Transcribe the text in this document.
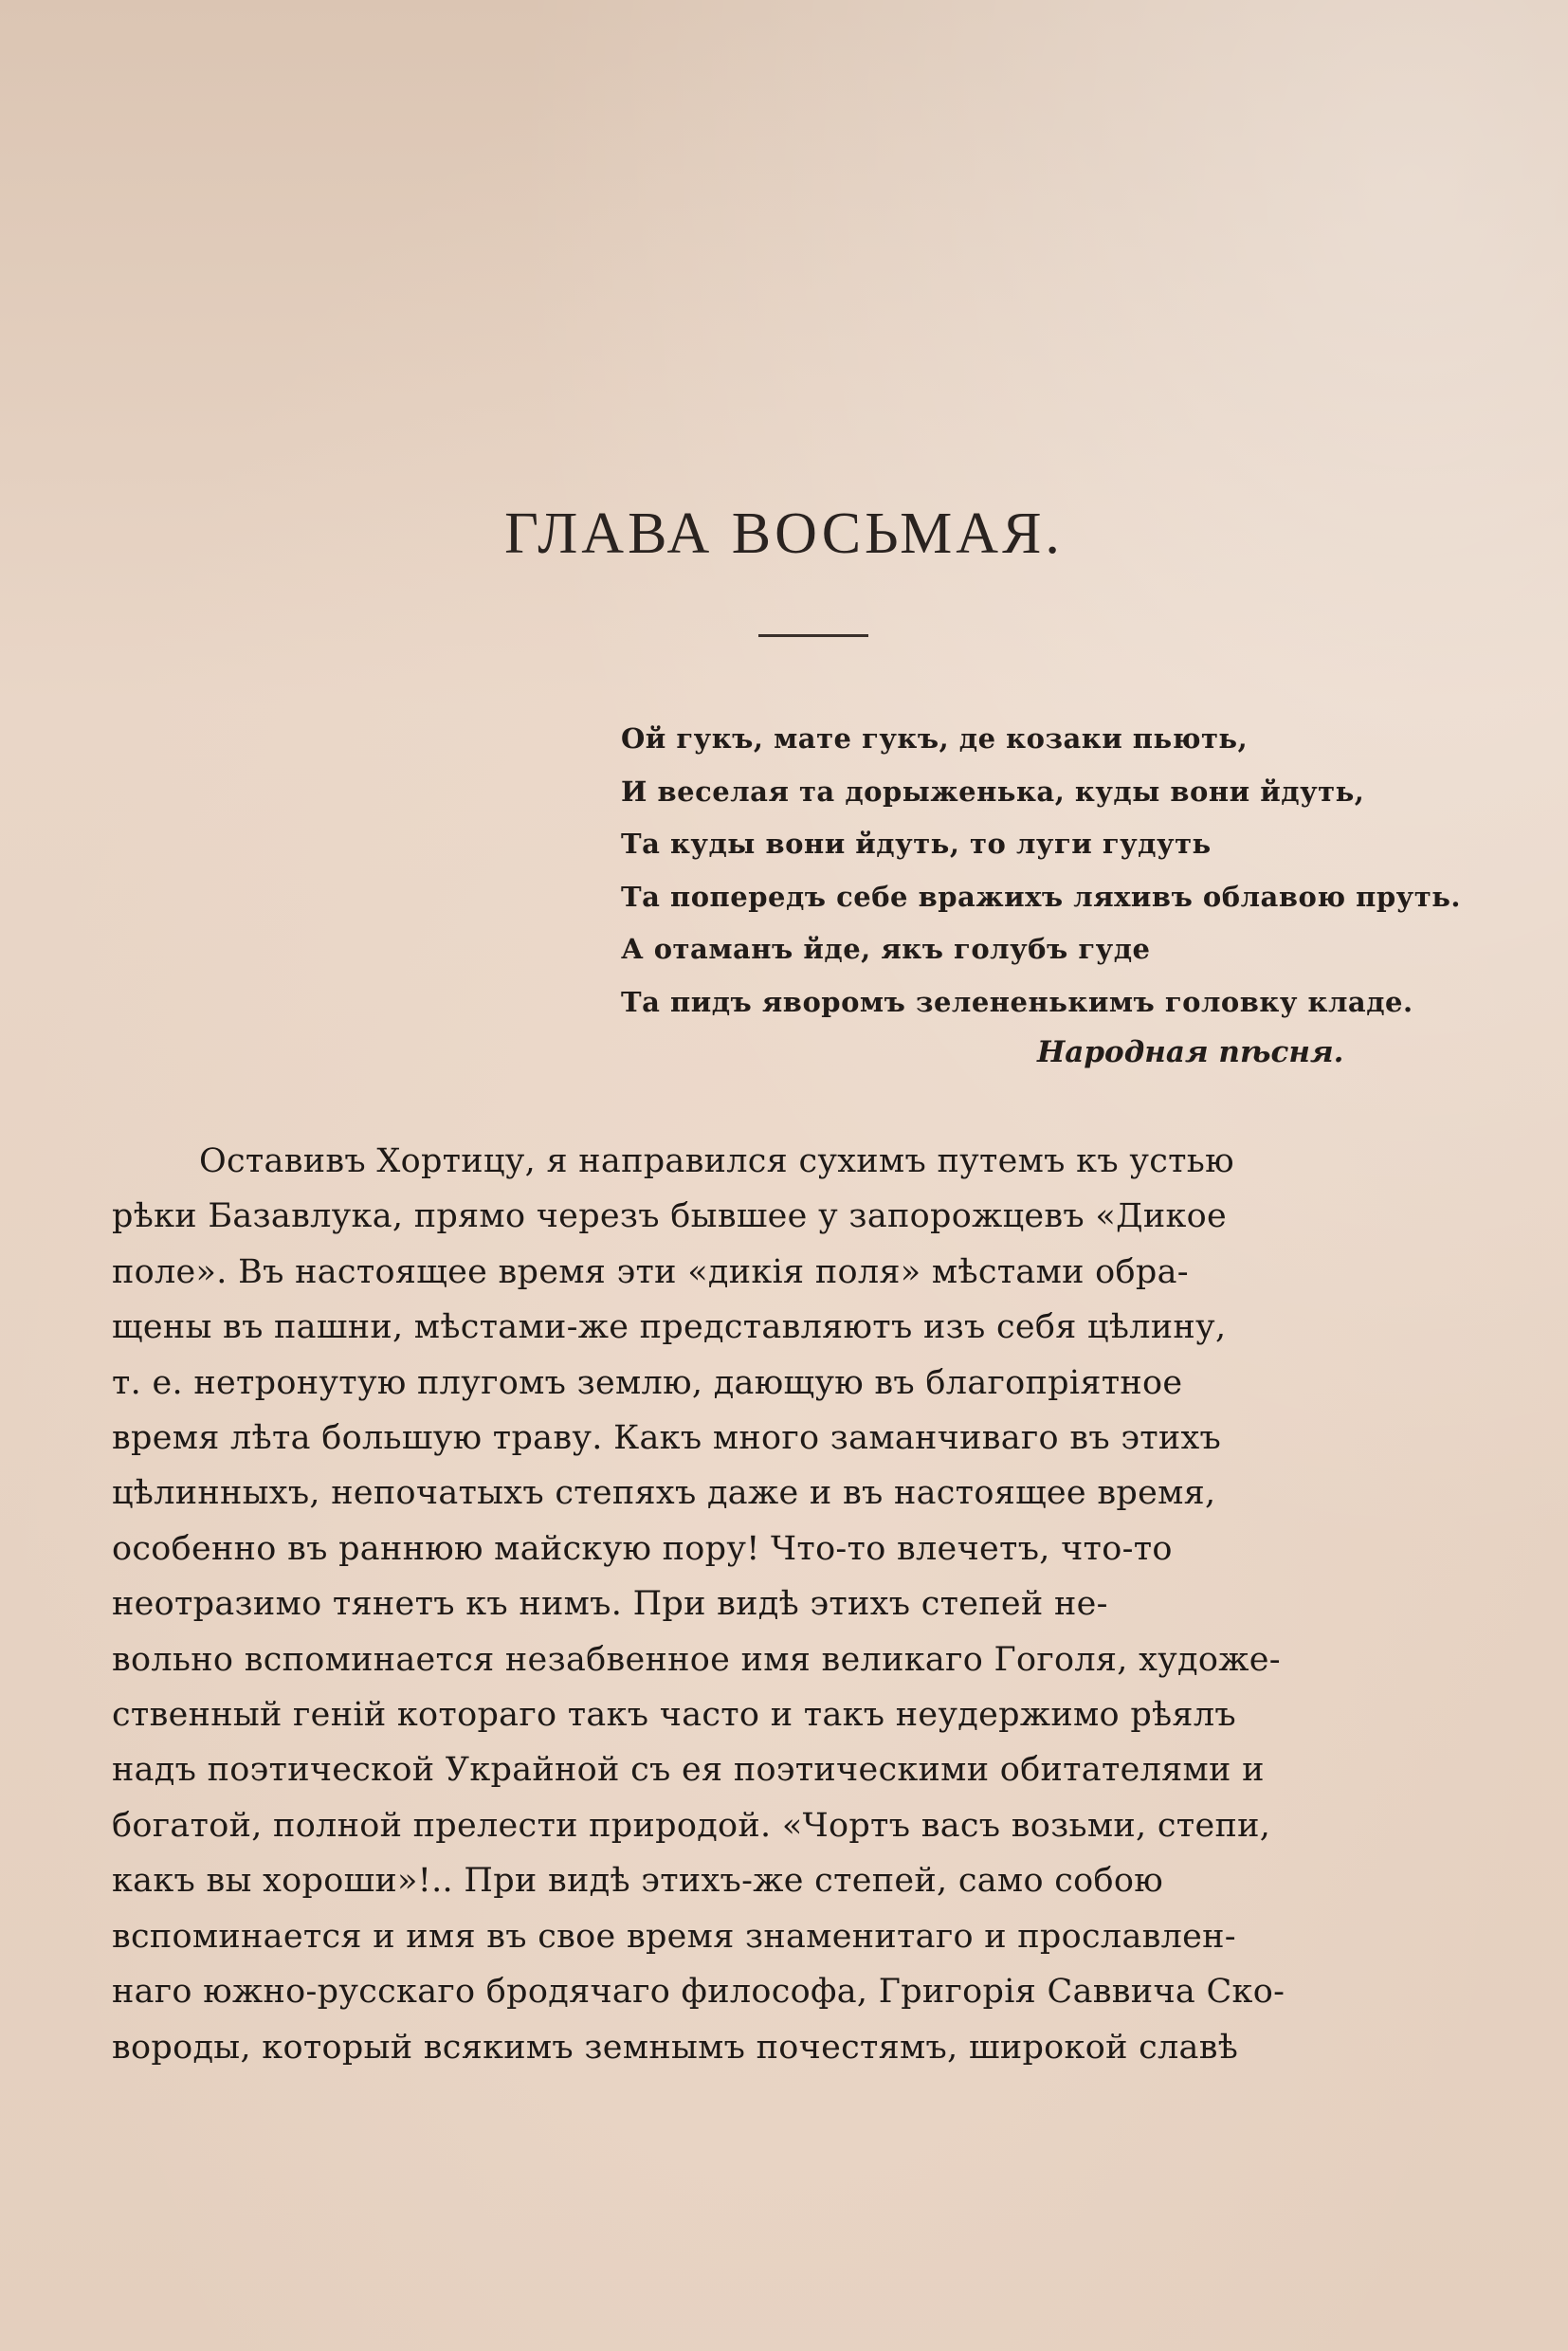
ГЛАВА ВОСЬМАЯ.
Ой гукъ, мате гукъ, де козаки пьють,
И веселая та дорыженька, куды вони йдуть,
Та куды вони йдуть, то луги гудуть
Та попередъ себе вражихъ ляхивъ облавою пруть.
А отаманъ йде, якъ голубъ гуде
Та пидъ яворомъ зелененькимъ головку кладе.
Народная пѣсня.
Оставивъ Хортицу, я направился сухимъ путемъ къ устью
рѣки Базавлука, прямо черезъ бывшее у запорожцевъ «Дикое
поле». Въ настоящее время эти «дикія поля» мѣстами обра-
щены въ пашни, мѣстами-же представляютъ изъ себя цѣлину,
т. е. нетронутую плугомъ землю, дающую въ благопріятное
время лѣта большую траву. Какъ много заманчиваго въ этихъ
цѣлинныхъ, непочатыхъ степяхъ даже и въ настоящее время,
особенно въ раннюю майскую пору! Что-то влечетъ, что-то
неотразимо тянетъ къ нимъ. При видѣ этихъ степей не-
вольно вспоминается незабвенное имя великаго Гоголя, художе-
ственный геній котораго такъ часто и такъ неудержимо рѣялъ
надъ поэтической Украйной съ ея поэтическими обитателями и
богатой, полной прелести природой. «Чортъ васъ возьми, степи,
какъ вы хороши»!.. При видѣ этихъ-же степей, само собою
вспоминается и имя въ свое время знаменитаго и прославлен-
наго южно-русскаго бродячаго философа, Григорія Саввича Ско-
вороды, который всякимъ земнымъ почестямъ, широкой славѣ
